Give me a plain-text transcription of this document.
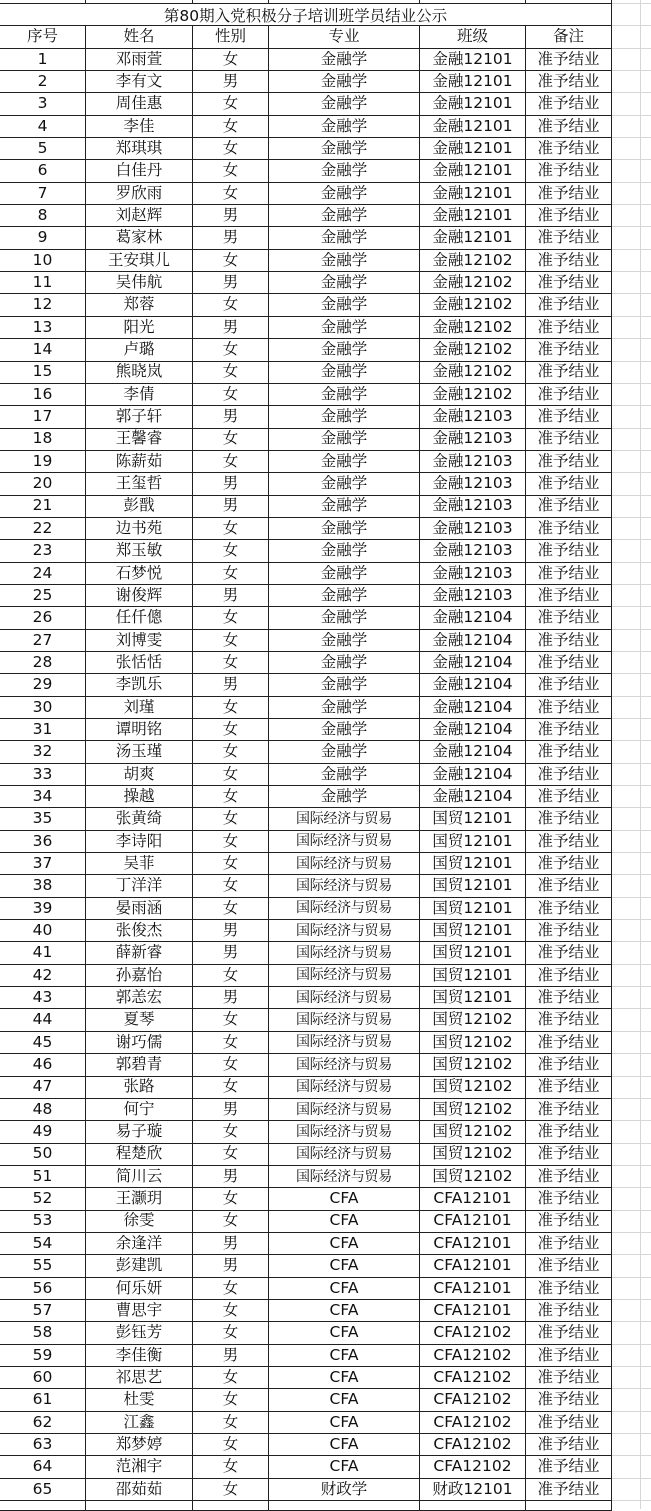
第80期入党积极分子培训班学员结业公示
序号	姓名	性别	专业	班级	备注
1	邓雨萱	女	金融学	金融12101	准予结业
2	李有文	男	金融学	金融12101	准予结业
3	周佳惠	女	金融学	金融12101	准予结业
4	李佳	女	金融学	金融12101	准予结业
5	郑琪琪	女	金融学	金融12101	准予结业
6	白佳丹	女	金融学	金融12101	准予结业
7	罗欣雨	女	金融学	金融12101	准予结业
8	刘赵辉	男	金融学	金融12101	准予结业
9	葛家林	男	金融学	金融12101	准予结业
10	王安琪儿	女	金融学	金融12102	准予结业
11	吴伟航	男	金融学	金融12102	准予结业
12	郑蓉	女	金融学	金融12102	准予结业
13	阳光	男	金融学	金融12102	准予结业
14	卢璐	女	金融学	金融12102	准予结业
15	熊晓岚	女	金融学	金融12102	准予结业
16	李倩	女	金融学	金融12102	准予结业
17	郭子轩	男	金融学	金融12103	准予结业
18	王馨睿	女	金融学	金融12103	准予结业
19	陈薪茹	女	金融学	金融12103	准予结业
20	王玺哲	男	金融学	金融12103	准予结业
21	彭戬	男	金融学	金融12103	准予结业
22	边书苑	女	金融学	金融12103	准予结业
23	郑玉敏	女	金融学	金融12103	准予结业
24	石梦悦	女	金融学	金融12103	准予结业
25	谢俊辉	男	金融学	金融12103	准予结业
26	任仟傯	女	金融学	金融12104	准予结业
27	刘博雯	女	金融学	金融12104	准予结业
28	张恬恬	女	金融学	金融12104	准予结业
29	李凯乐	男	金融学	金融12104	准予结业
30	刘瑾	女	金融学	金融12104	准予结业
31	谭明铭	女	金融学	金融12104	准予结业
32	汤玉瑾	女	金融学	金融12104	准予结业
33	胡爽	女	金融学	金融12104	准予结业
34	操越	女	金融学	金融12104	准予结业
35	张黄绮	女	国际经济与贸易	国贸12101	准予结业
36	李诗阳	女	国际经济与贸易	国贸12101	准予结业
37	吴菲	女	国际经济与贸易	国贸12101	准予结业
38	丁洋洋	女	国际经济与贸易	国贸12101	准予结业
39	晏雨涵	女	国际经济与贸易	国贸12101	准予结业
40	张俊杰	男	国际经济与贸易	国贸12101	准予结业
41	薛新睿	男	国际经济与贸易	国贸12101	准予结业
42	孙嘉怡	女	国际经济与贸易	国贸12101	准予结业
43	郭恙宏	男	国际经济与贸易	国贸12101	准予结业
44	夏琴	女	国际经济与贸易	国贸12102	准予结业
45	谢巧儒	女	国际经济与贸易	国贸12102	准予结业
46	郭碧青	女	国际经济与贸易	国贸12102	准予结业
47	张路	女	国际经济与贸易	国贸12102	准予结业
48	何宁	男	国际经济与贸易	国贸12102	准予结业
49	易子璇	女	国际经济与贸易	国贸12102	准予结业
50	程楚欣	女	国际经济与贸易	国贸12102	准予结业
51	简川云	男	国际经济与贸易	国贸12102	准予结业
52	王灏玥	女	CFA	CFA12101	准予结业
53	徐雯	女	CFA	CFA12101	准予结业
54	余逢洋	男	CFA	CFA12101	准予结业
55	彭建凯	男	CFA	CFA12101	准予结业
56	何乐妍	女	CFA	CFA12101	准予结业
57	曹思宇	女	CFA	CFA12101	准予结业
58	彭钰芳	女	CFA	CFA12102	准予结业
59	李佳衡	男	CFA	CFA12102	准予结业
60	祁思艺	女	CFA	CFA12102	准予结业
61	杜雯	女	CFA	CFA12102	准予结业
62	江鑫	女	CFA	CFA12102	准予结业
63	郑梦婷	女	CFA	CFA12102	准予结业
64	范湘宇	女	CFA	CFA12102	准予结业
65	邵茹茹	女	财政学	财政12101	准予结业
